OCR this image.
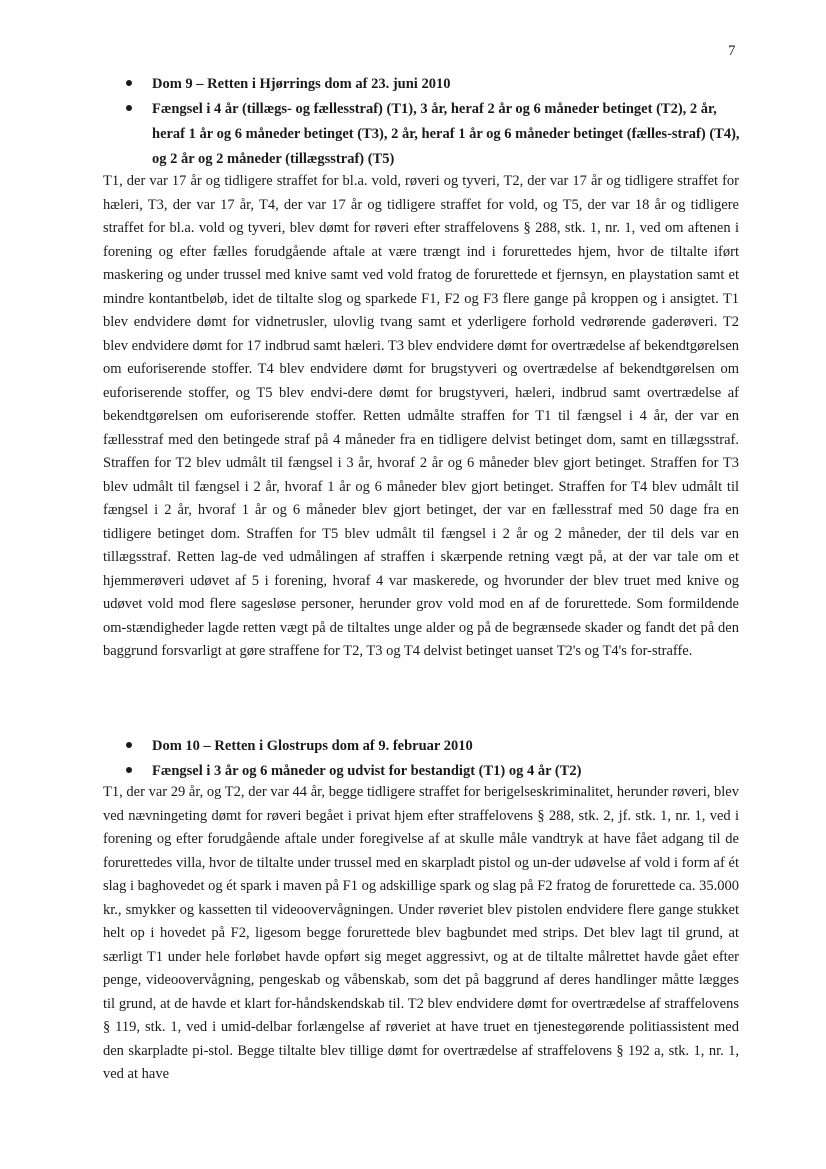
7
Dom 9 – Retten i Hjørrings dom af 23. juni 2010
Fængsel i 4 år (tillægs- og fællesstraf) (T1), 3 år, heraf 2 år og 6 måneder betinget (T2), 2 år, heraf 1 år og 6 måneder betinget (T3), 2 år, heraf 1 år og 6 måneder betinget (fælles-straf) (T4), og 2 år og 2 måneder (tillægsstraf) (T5)
T1, der var 17 år og tidligere straffet for bl.a. vold, røveri og tyveri, T2, der var 17 år og tidligere straffet for hæleri, T3, der var 17 år, T4, der var 17 år og tidligere straffet for vold, og T5, der var 18 år og tidligere straffet for bl.a. vold og tyveri, blev dømt for røveri efter straffelovens § 288, stk. 1, nr. 1, ved om aftenen i forening og efter fælles forudgående aftale at være trængt ind i forurettedes hjem, hvor de tiltalte iført maskering og under trussel med knive samt ved vold fratog de forurettede et fjernsyn, en playstation samt et mindre kontantbeløb, idet de tiltalte slog og sparkede F1, F2 og F3 flere gange på kroppen og i ansigtet. T1 blev endvidere dømt for vidnetrusler, ulovlig tvang samt et yderligere forhold vedrørende gaderøveri. T2 blev endvidere dømt for 17 indbrud samt hæleri. T3 blev endvidere dømt for overtrædelse af bekendtgørelsen om euforiserende stoffer. T4 blev endvidere dømt for brugstyveri og overtrædelse af bekendtgørelsen om euforiserende stoffer, og T5 blev endvi-dere dømt for brugstyveri, hæleri, indbrud samt overtrædelse af bekendtgørelsen om euforiserende stoffer. Retten udmålte straffen for T1 til fængsel i 4 år, der var en fællesstraf med den betingede straf på 4 måneder fra en tidligere delvist betinget dom, samt en tillægsstraf. Straffen for T2 blev udmålt til fængsel i 3 år, hvoraf 2 år og 6 måneder blev gjort betinget. Straffen for T3 blev udmålt til fængsel i 2 år, hvoraf 1 år og 6 måneder blev gjort betinget. Straffen for T4 blev udmålt til fængsel i 2 år, hvoraf 1 år og 6 måneder blev gjort betinget, der var en fællesstraf med 50 dage fra en tidligere betinget dom. Straffen for T5 blev udmålt til fængsel i 2 år og 2 måneder, der til dels var en tillægsstraf. Retten lag-de ved udmålingen af straffen i skærpende retning vægt på, at der var tale om et hjemmerøveri udøvet af 5 i forening, hvoraf 4 var maskerede, og hvorunder der blev truet med knive og udøvet vold mod flere sagesløse personer, herunder grov vold mod en af de forurettede. Som formildende om-stændigheder lagde retten vægt på de tiltaltes unge alder og på de begrænsede skader og fandt det på den baggrund forsvarligt at gøre straffene for T2, T3 og T4 delvist betinget uanset T2's og T4's for-straffe.
Dom 10 – Retten i Glostrups dom af 9. februar 2010
Fængsel i 3 år og 6 måneder og udvist for bestandigt (T1) og 4 år (T2)
T1, der var 29 år, og T2, der var 44 år, begge tidligere straffet for berigelseskriminalitet, herunder røveri, blev ved nævningeting dømt for røveri begået i privat hjem efter straffelovens § 288, stk. 2, jf. stk. 1, nr. 1, ved i forening og efter forudgående aftale under foregivelse af at skulle måle vandtryk at have fået adgang til de forurettedes villa, hvor de tiltalte under trussel med en skarpladt pistol og un-der udøvelse af vold i form af ét slag i baghovedet og ét spark i maven på F1 og adskillige spark og slag på F2 fratog de forurettede ca. 35.000 kr., smykker og kassetten til videoovervågningen. Under røveriet blev pistolen endvidere flere gange stukket helt op i hovedet på F2, ligesom begge forurettede blev bagbundet med strips. Det blev lagt til grund, at særligt T1 under hele forløbet havde opført sig meget aggressivt, og at de tiltalte målrettet havde gået efter penge, videoovervågning, pengeskab og våbenskab, som det på baggrund af deres handlinger måtte lægges til grund, at de havde et klart for-håndskendskab til. T2 blev endvidere dømt for overtrædelse af straffelovens § 119, stk. 1, ved i umid-delbar forlængelse af røveriet at have truet en tjenestegørende politiassistent med den skarpladte pi-stol. Begge tiltalte blev tillige dømt for overtrædelse af straffelovens § 192 a, stk. 1, nr. 1, ved at have
